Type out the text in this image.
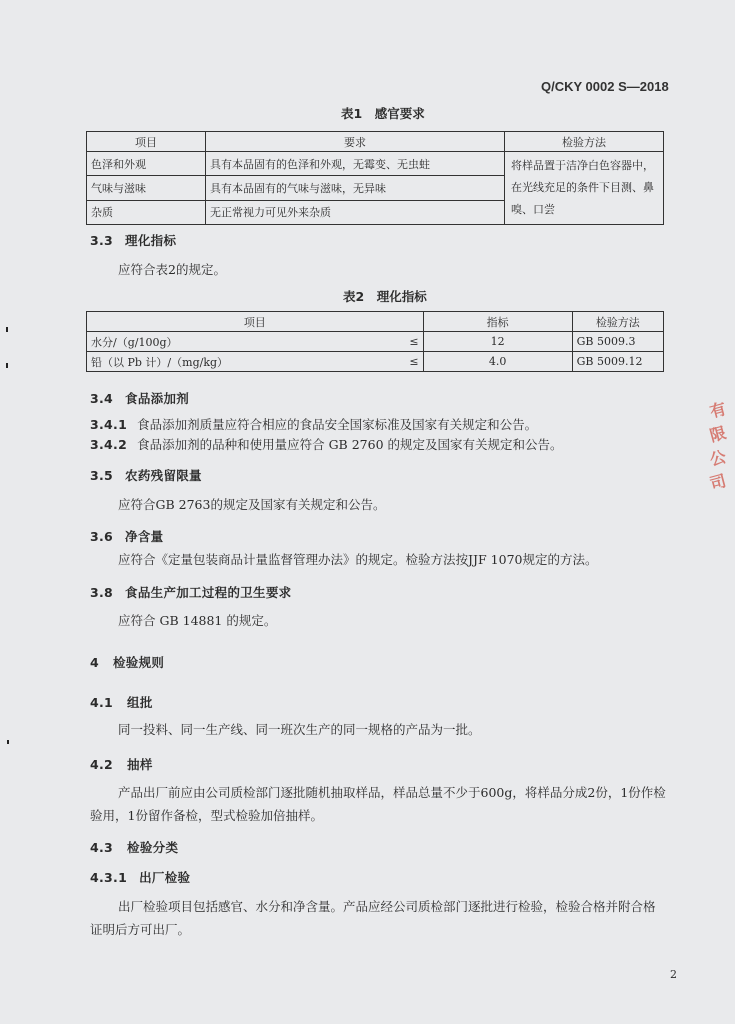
Q/CKY 0002 S—2018
表1　感官要求
项目	要求	检验方法
色泽和外观	具有本品固有的色泽和外观，无霉变、无虫蛀	将样品置于洁净白色容器中，在光线充足的条件下目测、鼻嗅、口尝
气味与滋味	具有本品固有的气味与滋味，无异味	
杂质	无正常视力可见外来杂质	
3.3 理化指标
应符合表2的规定。
表2　理化指标
项目		指标	检验方法
水分/（g/100g）	≤	12	GB 5009.3
铅（以 Pb 计）/（mg/kg）	≤	4.0	GB 5009.12
3.4 食品添加剂
3.4.1 食品添加剂质量应符合相应的食品安全国家标准及国家有关规定和公告。
3.4.2 食品添加剂的品种和使用量应符合 GB 2760 的规定及国家有关规定和公告。
3.5 农药残留限量
应符合GB 2763的规定及国家有关规定和公告。
3.6 净含量
应符合《定量包装商品计量监督管理办法》的规定。检验方法按JJF 1070规定的方法。
3.8 食品生产加工过程的卫生要求
应符合 GB 14881 的规定。
4 检验规则
4.1 组批
同一投料、同一生产线、同一班次生产的同一规格的产品为一批。
4.2 抽样
产品出厂前应由公司质检部门逐批随机抽取样品，样品总量不少于600g，将样品分成2份，1份作检
验用，1份留作备检，型式检验加倍抽样。
4.3 检验分类
4.3.1 出厂检验
出厂检验项目包括感官、水分和净含量。产品应经公司质检部门逐批进行检验，检验合格并附合格
证明后方可出厂。
2
有
限
公
司
